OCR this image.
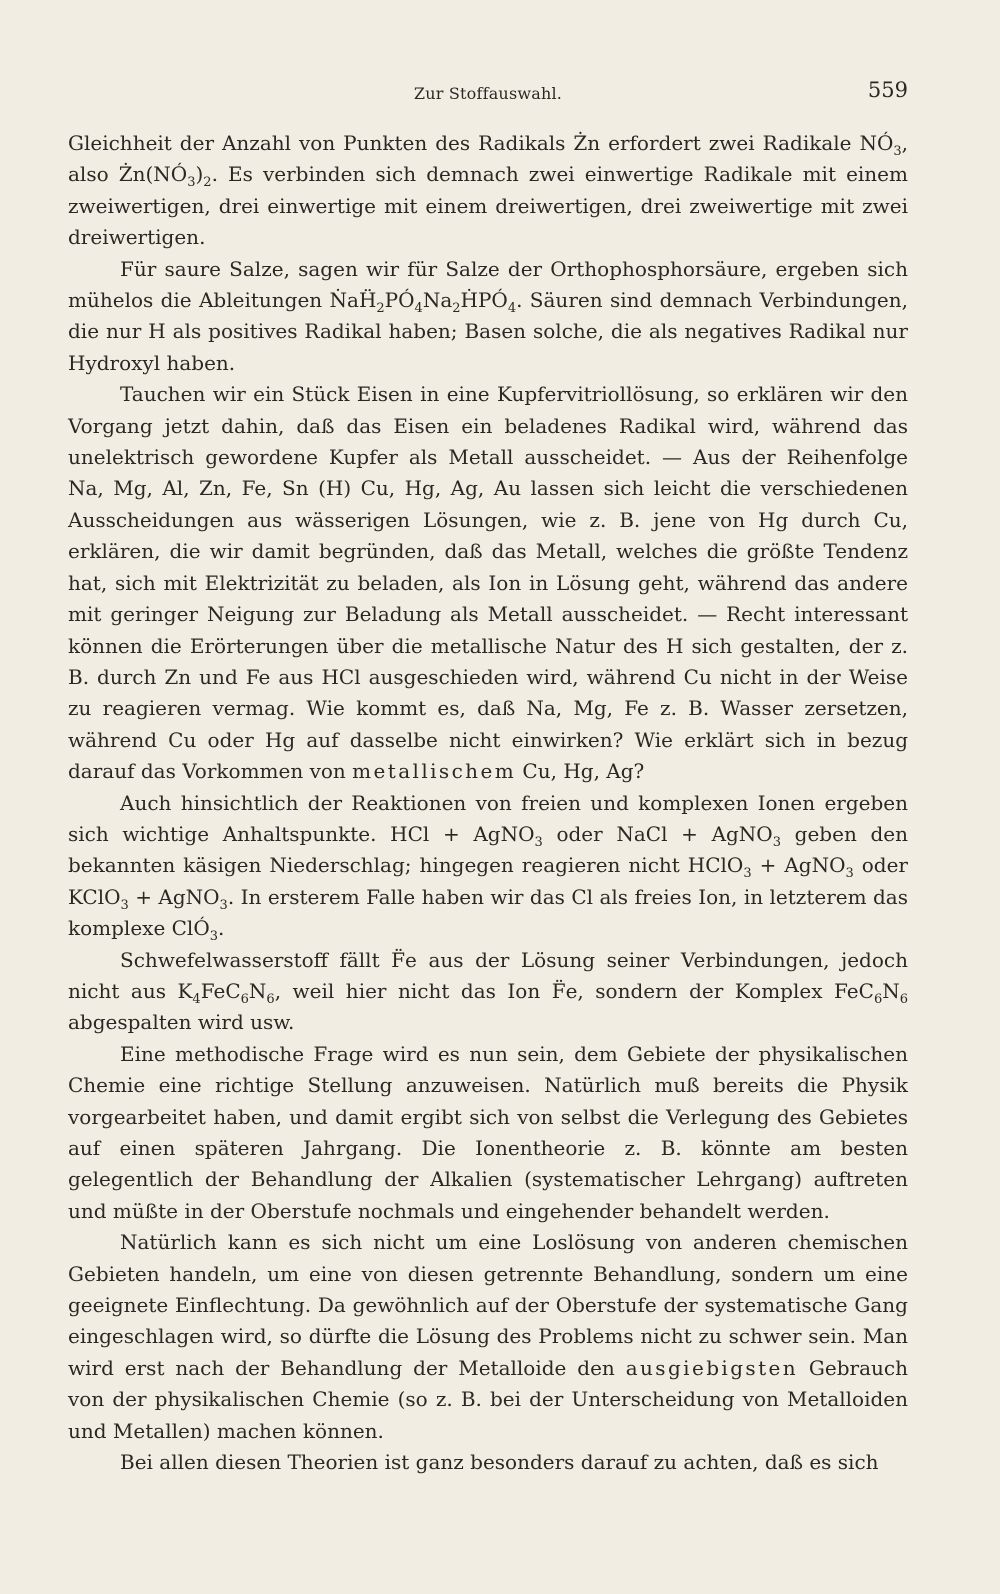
Zur Stoffauswahl.	559

Gleichheit der Anzahl von Punkten des Radikals Żn erfordert zwei Radikale $NÓ_3$, also $Żn(NÓ_3)_2$. Es verbinden sich demnach zwei einwertige Radikale mit einem zweiwertigen, drei einwertige mit einem dreiwertigen, drei zweiwertige mit zwei dreiwertigen.

Für saure Salze, sagen wir für Salze der Orthophosphorsäure, ergeben sich mühelos die Ableitungen $ṄaḦ_2PÓ_4Na_2ḢPÓ_4$. Säuren sind demnach Verbindungen, die nur H als positives Radikal haben; Basen solche, die als negatives Radikal nur Hydroxyl haben.

Tauchen wir ein Stück Eisen in eine Kupfervitriollösung, so erklären wir den Vorgang jetzt dahin, daß das Eisen ein beladenes Radikal wird, während das unelektrisch gewordene Kupfer als Metall ausscheidet. — Aus der Reihenfolge Na, Mg, Al, Zn, Fe, Sn (H) Cu, Hg, Ag, Au lassen sich leicht die verschiedenen Ausscheidungen aus wässerigen Lösungen, wie z. B. jene von Hg durch Cu, erklären, die wir damit begründen, daß das Metall, welches die größte Tendenz hat, sich mit Elektrizität zu beladen, als Ion in Lösung geht, während das andere mit geringer Neigung zur Beladung als Metall ausscheidet. — Recht interessant können die Erörterungen über die metallische Natur des H sich gestalten, der z. B. durch Zn und Fe aus HCl ausgeschieden wird, während Cu nicht in der Weise zu reagieren vermag. Wie kommt es, daß Na, Mg, Fe z. B. Wasser zersetzen, während Cu oder Hg auf dasselbe nicht einwirken? Wie erklärt sich in bezug darauf das Vorkommen von metallischem Cu, Hg, Ag?

Auch hinsichtlich der Reaktionen von freien und komplexen Ionen ergeben sich wichtige Anhaltspunkte. HCl + AgNO$_3$ oder NaCl + AgNO$_3$ geben den bekannten käsigen Niederschlag; hingegen reagieren nicht HClO$_3$ + AgNO$_3$ oder KClO$_3$ + AgNO$_3$. In ersterem Falle haben wir das Cl als freies Ion, in letzterem das komplexe ClÓ$_3$.

Schwefelwasserstoff fällt F̈e aus der Lösung seiner Verbindungen, jedoch nicht aus $K_4FeC_6N_6$, weil hier nicht das Ion F̈e, sondern der Komplex $FeC_6N_6$ abgespalten wird usw.

Eine methodische Frage wird es nun sein, dem Gebiete der physikalischen Chemie eine richtige Stellung anzuweisen. Natürlich muß bereits die Physik vorgearbeitet haben, und damit ergibt sich von selbst die Verlegung des Gebietes auf einen späteren Jahrgang. Die Ionentheorie z. B. könnte am besten gelegentlich der Behandlung der Alkalien (systematischer Lehrgang) auftreten und müßte in der Oberstufe nochmals und eingehender behandelt werden.

Natürlich kann es sich nicht um eine Loslösung von anderen chemischen Gebieten handeln, um eine von diesen getrennte Behandlung, sondern um eine geeignete Einflechtung. Da gewöhnlich auf der Oberstufe der systematische Gang eingeschlagen wird, so dürfte die Lösung des Problems nicht zu schwer sein. Man wird erst nach der Behandlung der Metalloide den ausgiebigsten Gebrauch von der physikalischen Chemie (so z. B. bei der Unterscheidung von Metalloiden und Metallen) machen können.

Bei allen diesen Theorien ist ganz besonders darauf zu achten, daß es sich
